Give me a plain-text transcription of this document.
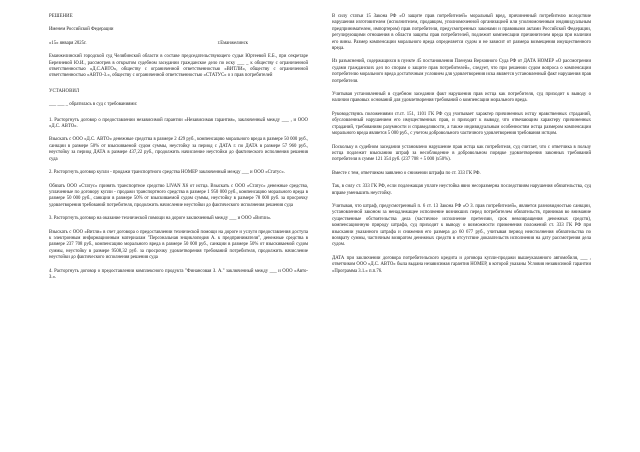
РЕШЕНИЕ
Именем Российской Федерации
«15» января 2025г.	г.Еманжелинск
Еманжелинский городской суд Челябинской области в составе председательствующего судьи Юртеевой Е.Б., при секретаре Березневой Ю.И., рассмотрев в открытом судебном заседании гражданское дело по иску ___ _ к обществу с ограниченной ответственностью «Д.С.АВТО», обществу с ограниченной ответственностью «ВИТЛИ», обществу с ограниченной ответственностью «АВТО-3.», обществу с ограниченной ответственностью «СТАТУС» о з прав потребителей
УСТАНОВИЛ
___ ___ _ обратилась в суд с требованиями:
1. Расторгнуть договор о предоставлении независимой гарантии «Независимая гарантия», заключенный между ___ , и ООО «Д.С. АВТО».
Взыскать с ООО «Д.С. АВТО» денежные средства в размере 2 429 руб., компенсацию морального вреда в размере 50 000 руб., санкции в размере 50% от взыскиваемой судом суммы, неустойку за период с ДАТА г. по ДАТА в размере 57 960 руб., неустойку за период ДАТА в размере 437,22 руб., продолжить начисление неустойки до фактического исполнения решения суда
2. Расторгнуть договор купли - продажи транспортного средства НОМЕР заключенный между ___ и ООО «Статус».
Обязать ООО «Статус» принять транспортное средство LIVAN X6 от истца. Взыскать с ООО «Статус» денежные средства, уплаченные по договору купли - продажи транспортного средства в размере 1 950 000 руб., компенсацию морального вреда в размере 50 000 руб., санкции в размере 50% от взыскиваемой судом суммы, неустойку в размере 78 000 руб. за просрочку удовлетворения требований потребителя, продолжить начисление неустойки до фактического исполнения решения суда
3. Расторгнуть договор на оказание технической помощи на дороге заключенный между ___ и ООО «Витли».
Взыскать с ООО «Витли» в счет договора о предоставлении технической помощи на дороге и услуги предоставления доступа к электронным информационным материалам "Персональная энциклопедия А. к предпринимателя", денежные средства в размере 237 708 руб., компенсацию морального вреда в размере 50 000 руб., санкции в размере 50% от взыскиваемой судом суммы, неустойку в размере 9508,32 руб. за просрочку удовлетворения требований потребителя, продолжить начисление неустойки до фактического исполнения решения суда
4. Расторгнуть договор о предоставлении комплексного продукта "Финансовая З. А." заключенный между ___ и ООО «Авто-З.».
В силу статьи 15 Закона РФ «О защите прав потребителей» моральный вред, причиненный потребителю вследствие нарушения изготовителем (исполнителем, продавцом, уполномоченной организацией или уполномоченным индивидуальным предпринимателем, импортером) прав потребителя, предусмотренных законами и правовыми актами Российской Федерации, регулирующими отношения в области защиты прав потребителей, подлежит компенсации причинителем вреда при наличии его вины. Размер компенсации морального вреда определяется судом и не зависит от размера возмещения имущественного вреда.
Из разъяснений, содержащихся в пункте 45 постановления Пленума Верховного Суда РФ от ДАТА НОМЕР «О рассмотрении судами гражданских дел по спорам о защите прав потребителей», следует, что при решении судом вопроса о компенсации потребителю морального вреда достаточным условием для удовлетворения иска является установленный факт нарушения прав потребителя.
Учитывая установленный в судебном заседании факт нарушения прав истца как потребителя, суд приходит к выводу о наличии правовых оснований для удовлетворения требований о компенсации морального вреда.
Руководствуясь положениями ст.ст. 151, 1101 ГК РФ суд учитывает характер причиненных истцу нравственных страданий, обусловленный нарушением его имущественных прав, и приходит к выводу, что отвечающим характеру причиненных страданий, требованиям разумности и справедливости, а также индивидуальным особенностям истца размером компенсации морального вреда является 5 000 руб., с учетом добровольного частичного удовлетворения требования истцом.
Поскольку в судебном заседании установлено нарушение прав истца как потребителя, суд считает, что с ответчика в пользу истца подлежит взысканию штраф за несоблюдение в добровольном порядке удовлетворения законных требований потребителя в сумме 121 354 руб. (237 708 + 5 000 )x50%).
Вместе с тем, ответчиком заявлено о снижении штрафа по ст. 333 ГК РФ.
Так, в силу ст. 333 ГК РФ, если подлежащая уплате неустойка явно несоразмерна последствиям нарушения обязательства, суд вправе уменьшить неустойку.
Учитывая, что штраф, предусмотренный п. 6 ст. 13 Закона РФ «О З. прав потребителей», является разновидностью санкции, установленной законом за ненадлежащее исполнение возникших перед потребителем обязательств, принимая во внимание существенные обстоятельства дела (частичное исполнение претензии, срок невозвращения денежных средств), компенсационную природу штрафа, суд приходит к выводу о возможности применения положений ст. 333 ГК РФ при взыскании указанного штрафа и снижения его размера до 60 677 руб., учитывая период неисполнения обязательства по возврату суммы, частичным возвратом денежных средств в отсутствие доказательств исполнения на дату рассмотрения дела судом.
ДАТА при заключении договора потребительского кредита и договора купли-продажи вышеуказанного автомобиля, ___ , ответчиком ООО «Д.С. АВТО» была выдана независимая гарантия НОМЕР, в которой указаны Условия независимой гарантии «Программа 3.1.» п.п.76.
